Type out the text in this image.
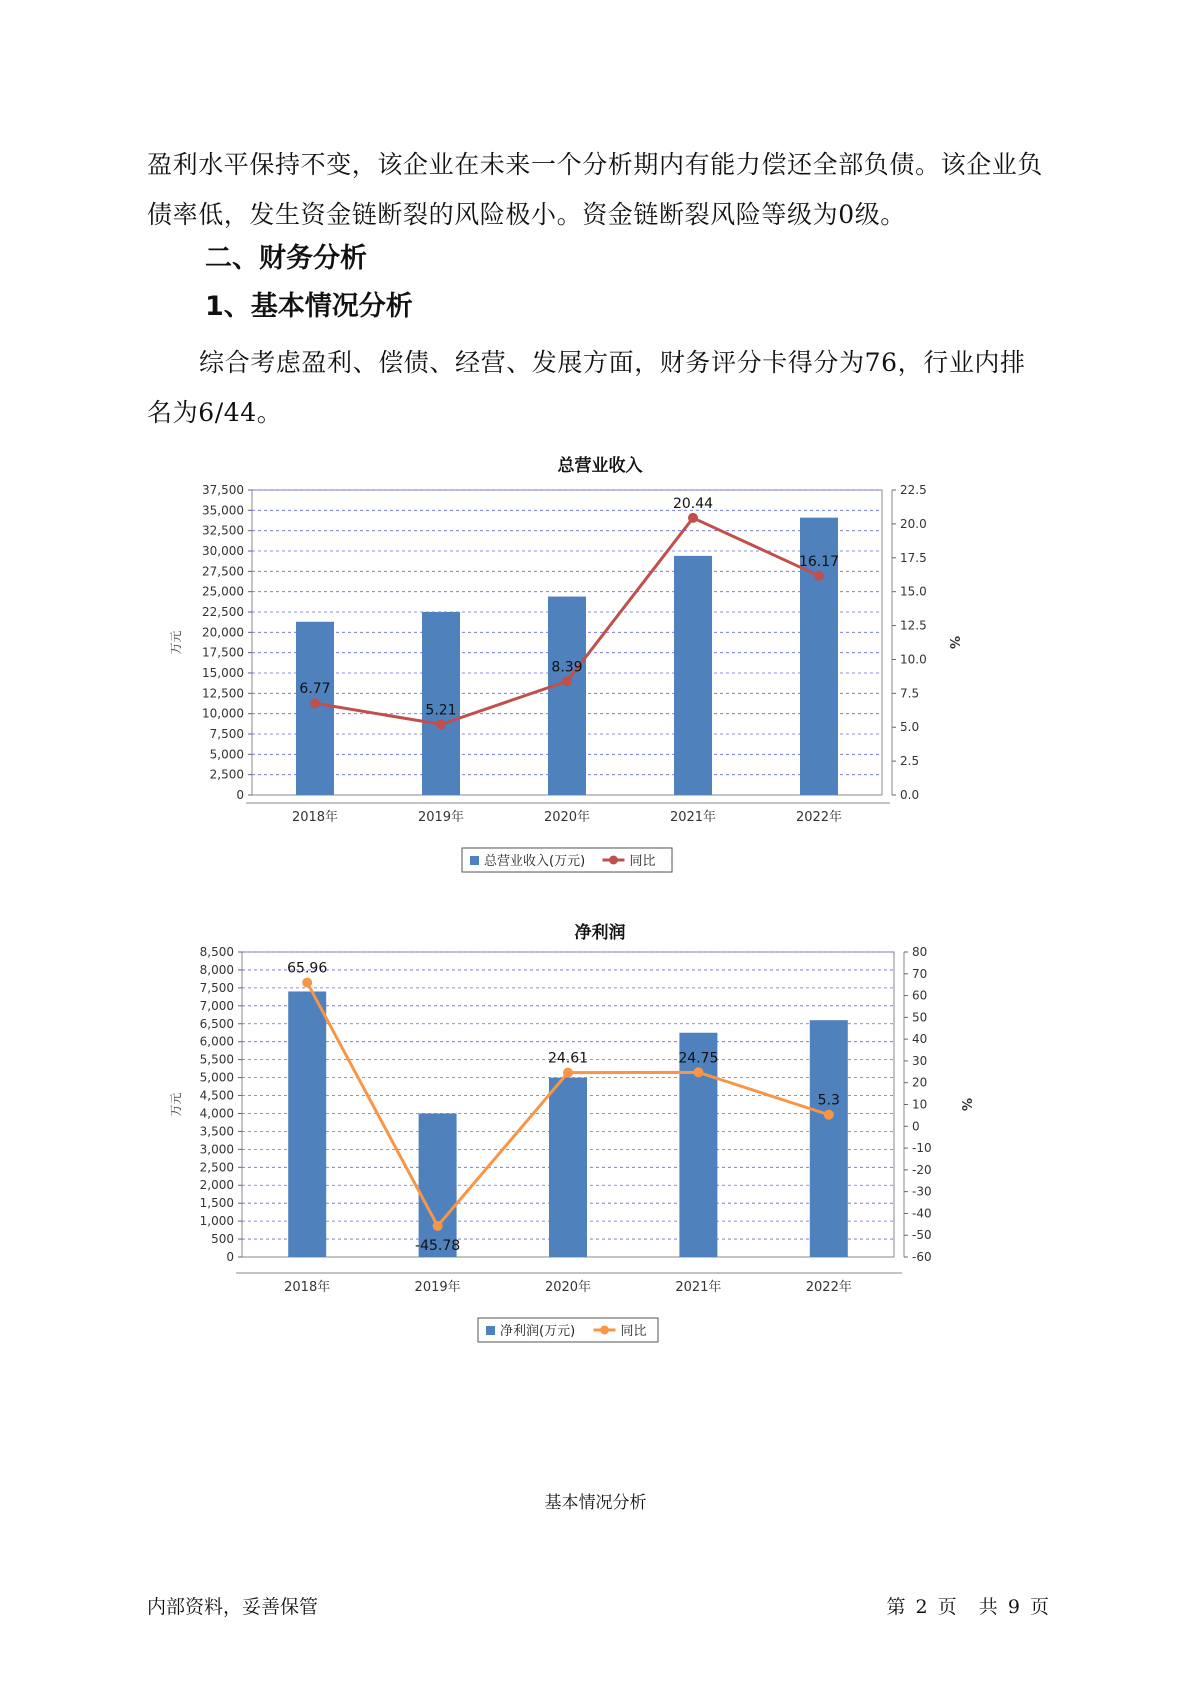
盈利水平保持不变，该企业在未来一个分析期内有能力偿还全部负债。该企业负债率低，发生资金链断裂的风险极小。资金链断裂风险等级为0级。
二、财务分析
1、基本情况分析
综合考虑盈利、偿债、经营、发展方面，财务评分卡得分为76，行业内排名为6/44。
总营业收入
0
2,500
5,000
7,500
10,000
12,500
15,000
17,500
20,000
22,500
25,000
27,500
30,000
32,500
35,000
37,500
0.0
2.5
5.0
7.5
10.0
12.5
15.0
17.5
20.0
22.5
万元	%
2018年	2019年	2020年	2021年	2022年
6.77
5.21
8.39
20.44
16.17
总营业收入(万元)	同比
净利润
0
500
1,000
1,500
2,000
2,500
3,000
3,500
4,000
4,500
5,000
5,500
6,000
6,500
7,000
7,500
8,000
8,500
-60
-50
-40
-30
-20
-10
0
10
20
30
40
50
60
70
80
万元	%
2018年	2019年	2020年	2021年	2022年
65.96
-45.78
24.61	24.75
5.3
净利润(万元)	同比
基本情况分析
内部资料，妥善保管	第 2 页 共 9 页
